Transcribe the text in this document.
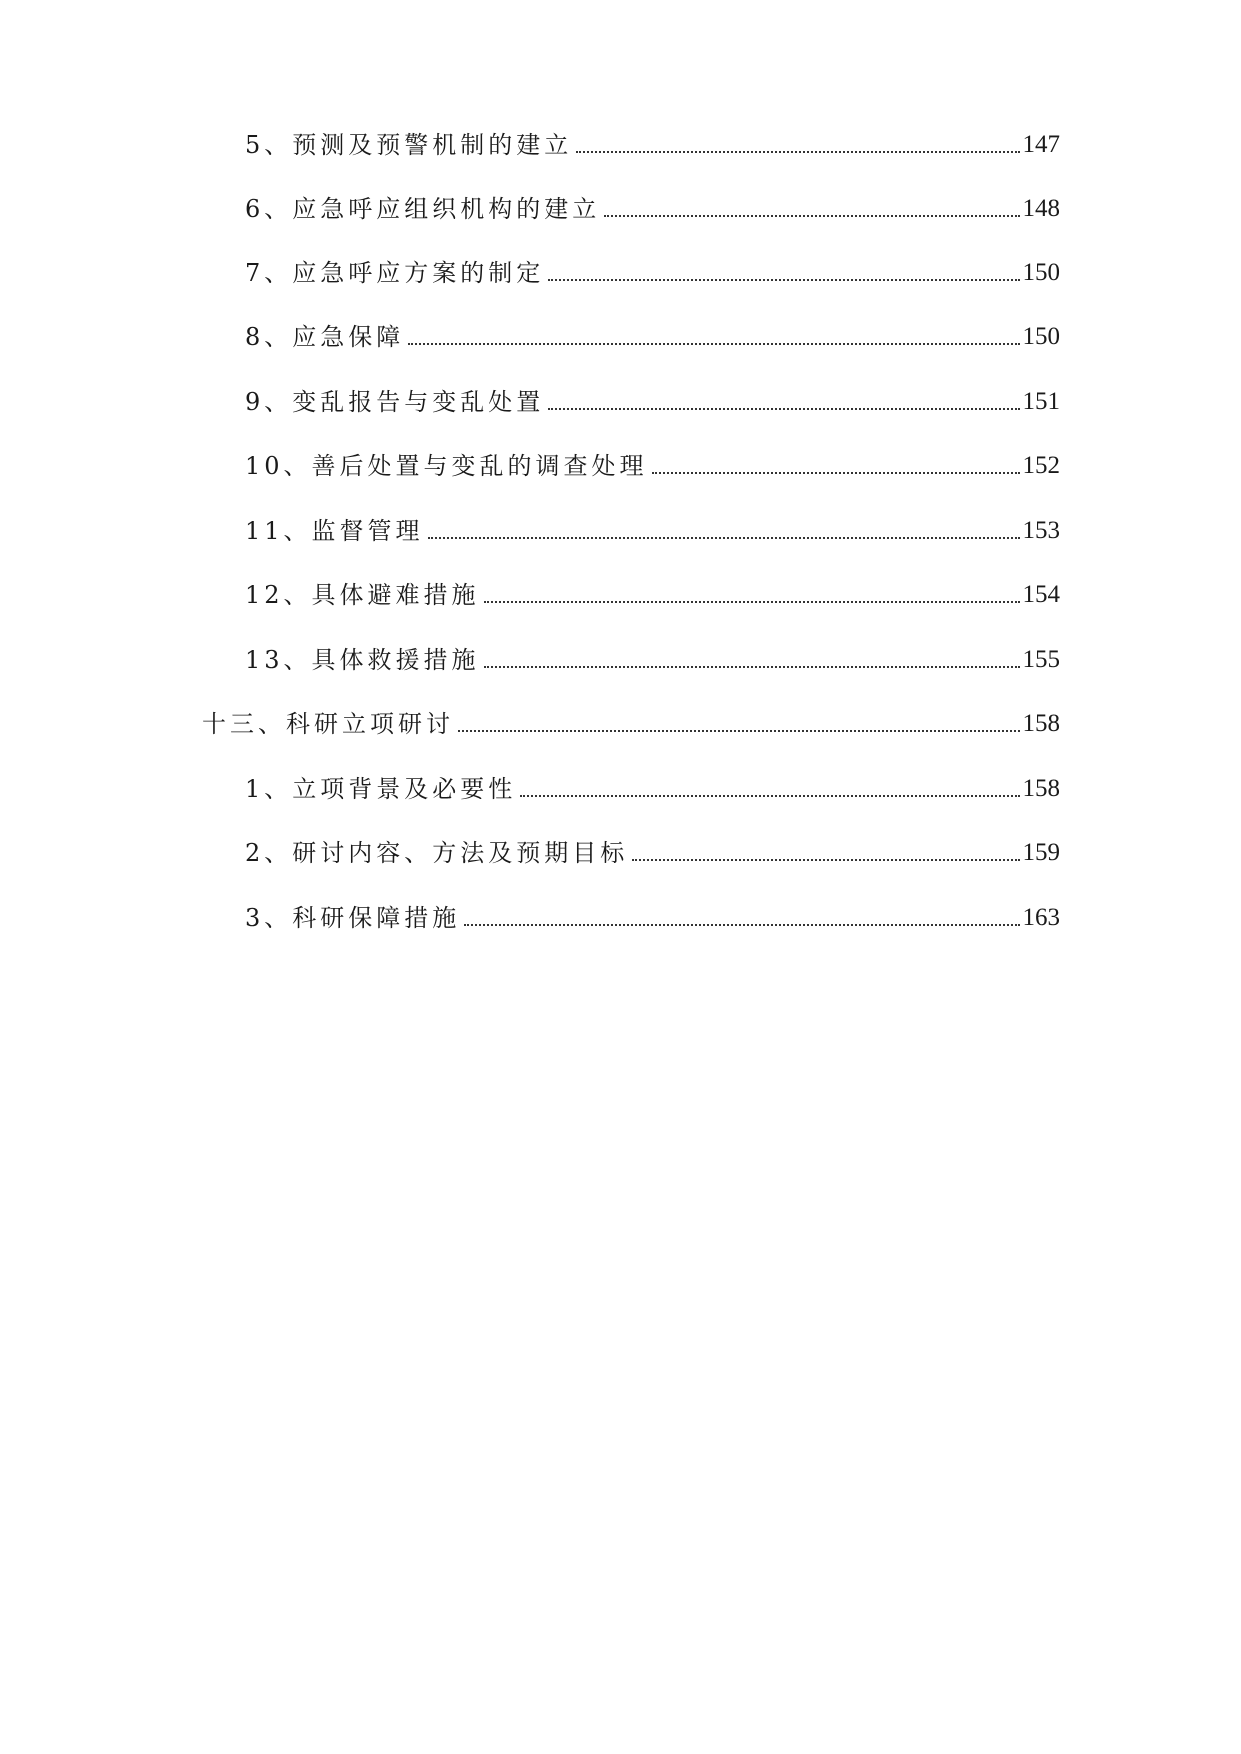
5、预测及预警机制的建立	147
6、应急呼应组织机构的建立	148
7、应急呼应方案的制定	150
8、应急保障	150
9、变乱报告与变乱处置	151
10、善后处置与变乱的调查处理	152
11、监督管理	153
12、具体避难措施	154
13、具体救援措施	155
十三、科研立项研讨	158
1、立项背景及必要性	158
2、研讨内容、方法及预期目标	159
3、科研保障措施	163
